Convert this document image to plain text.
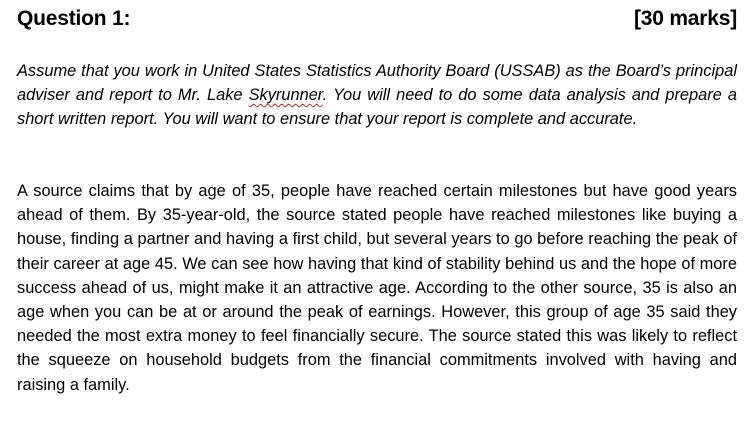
Question 1:	[30 marks]

Assume that you work in United States Statistics Authority Board (USSAB) as the Board’s principal adviser and report to Mr. Lake Skyrunner. You will need to do some data analysis and prepare a short written report. You will want to ensure that your report is complete and accurate.

A source claims that by age of 35, people have reached certain milestones but have good years ahead of them. By 35-year-old, the source stated people have reached milestones like buying a house, finding a partner and having a first child, but several years to go before reaching the peak of their career at age 45. We can see how having that kind of stability behind us and the hope of more success ahead of us, might make it an attractive age. According to the other source, 35 is also an age when you can be at or around the peak of earnings. However, this group of age 35 said they needed the most extra money to feel financially secure. The source stated this was likely to reflect the squeeze on household budgets from the financial commitments involved with having and raising a family.
